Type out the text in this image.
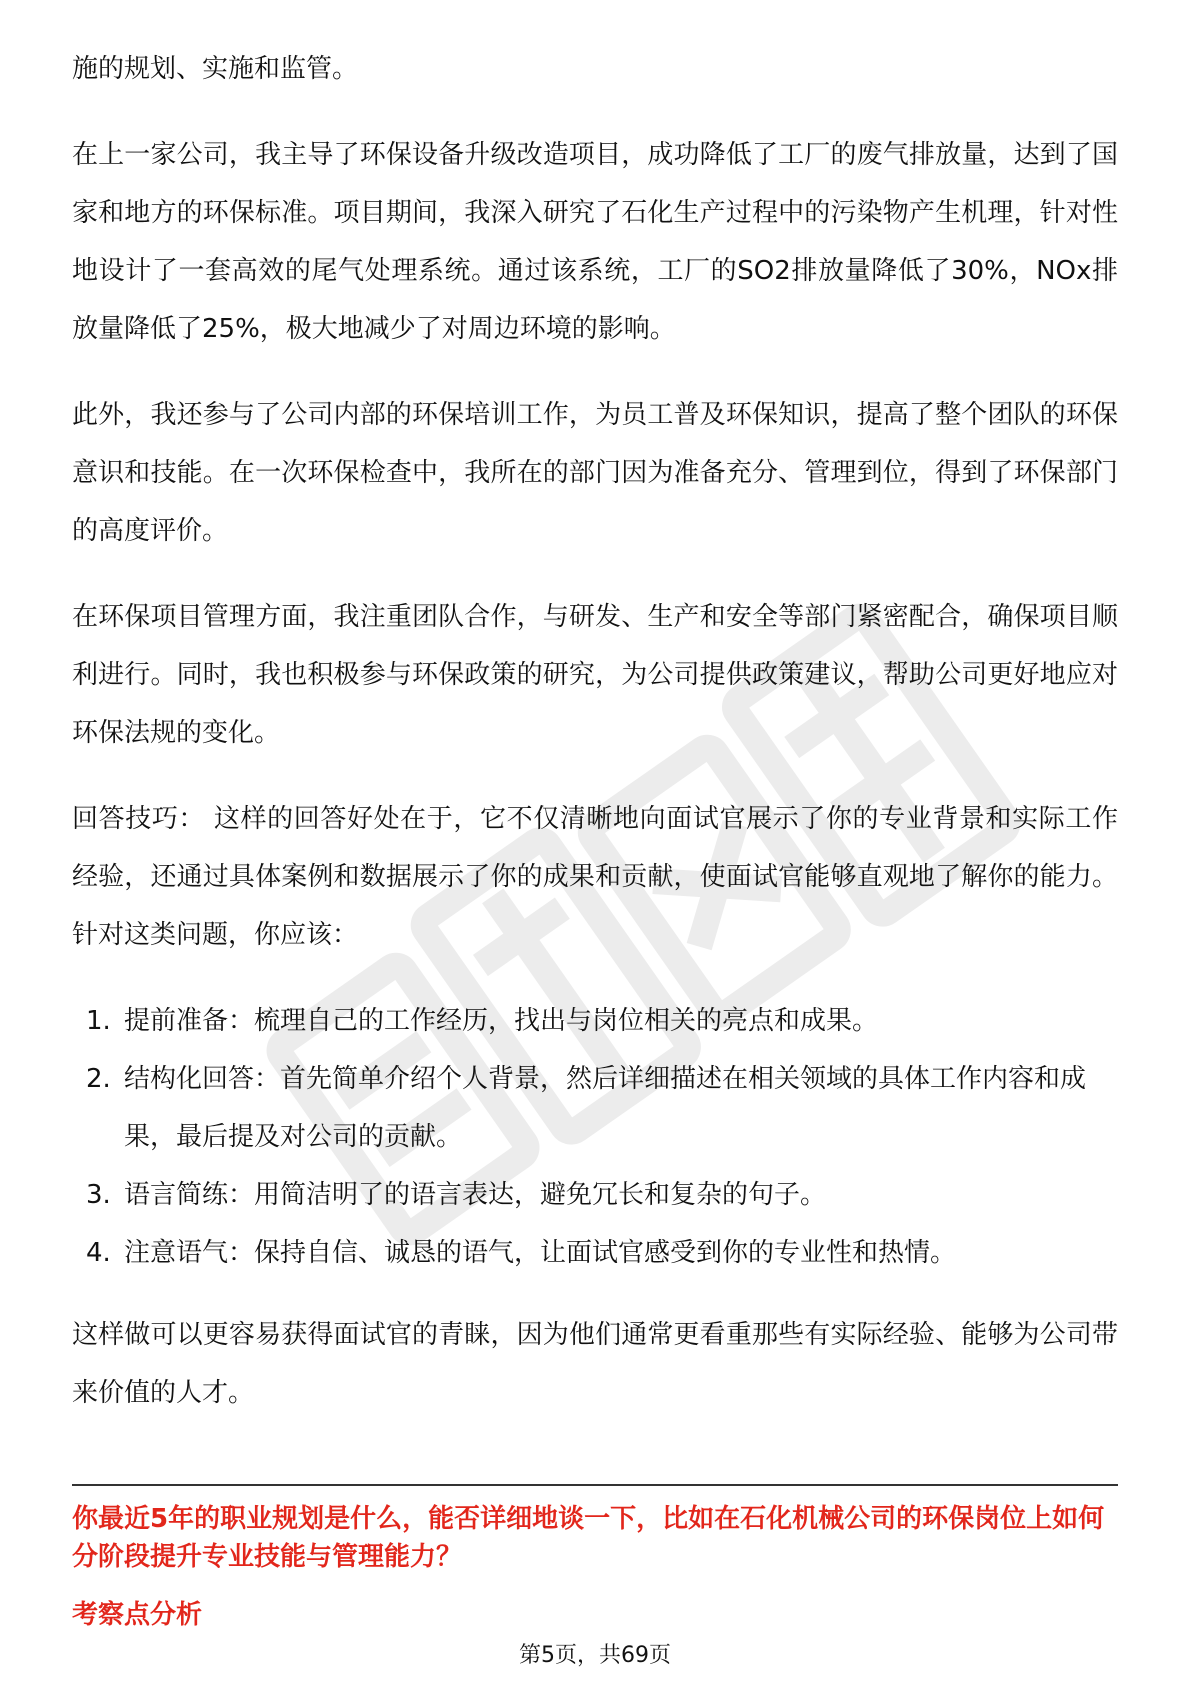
施的规划、实施和监管。

在上一家公司，我主导了环保设备升级改造项目，成功降低了工厂的废气排放量，达到了国家和地方的环保标准。项目期间，我深入研究了石化生产过程中的污染物产生机理，针对性地设计了一套高效的尾气处理系统。通过该系统，工厂的SO2排放量降低了30%，NOx排放量降低了25%，极大地减少了对周边环境的影响。

此外，我还参与了公司内部的环保培训工作，为员工普及环保知识，提高了整个团队的环保意识和技能。在一次环保检查中，我所在的部门因为准备充分、管理到位，得到了环保部门的高度评价。

在环保项目管理方面，我注重团队合作，与研发、生产和安全等部门紧密配合，确保项目顺利进行。同时，我也积极参与环保政策的研究，为公司提供政策建议，帮助公司更好地应对环保法规的变化。

回答技巧： 这样的回答好处在于，它不仅清晰地向面试官展示了你的专业背景和实际工作经验，还通过具体案例和数据展示了你的成果和贡献，使面试官能够直观地了解你的能力。针对这类问题，你应该：

1. 提前准备：梳理自己的工作经历，找出与岗位相关的亮点和成果。
2. 结构化回答：首先简单介绍个人背景，然后详细描述在相关领域的具体工作内容和成果，最后提及对公司的贡献。
3. 语言简练：用简洁明了的语言表达，避免冗长和复杂的句子。
4. 注意语气：保持自信、诚恳的语气，让面试官感受到你的专业性和热情。

这样做可以更容易获得面试官的青睐，因为他们通常更看重那些有实际经验、能够为公司带来价值的人才。

你最近5年的职业规划是什么，能否详细地谈一下，比如在石化机械公司的环保岗位上如何分阶段提升专业技能与管理能力？
考察点分析
第5页，共69页
